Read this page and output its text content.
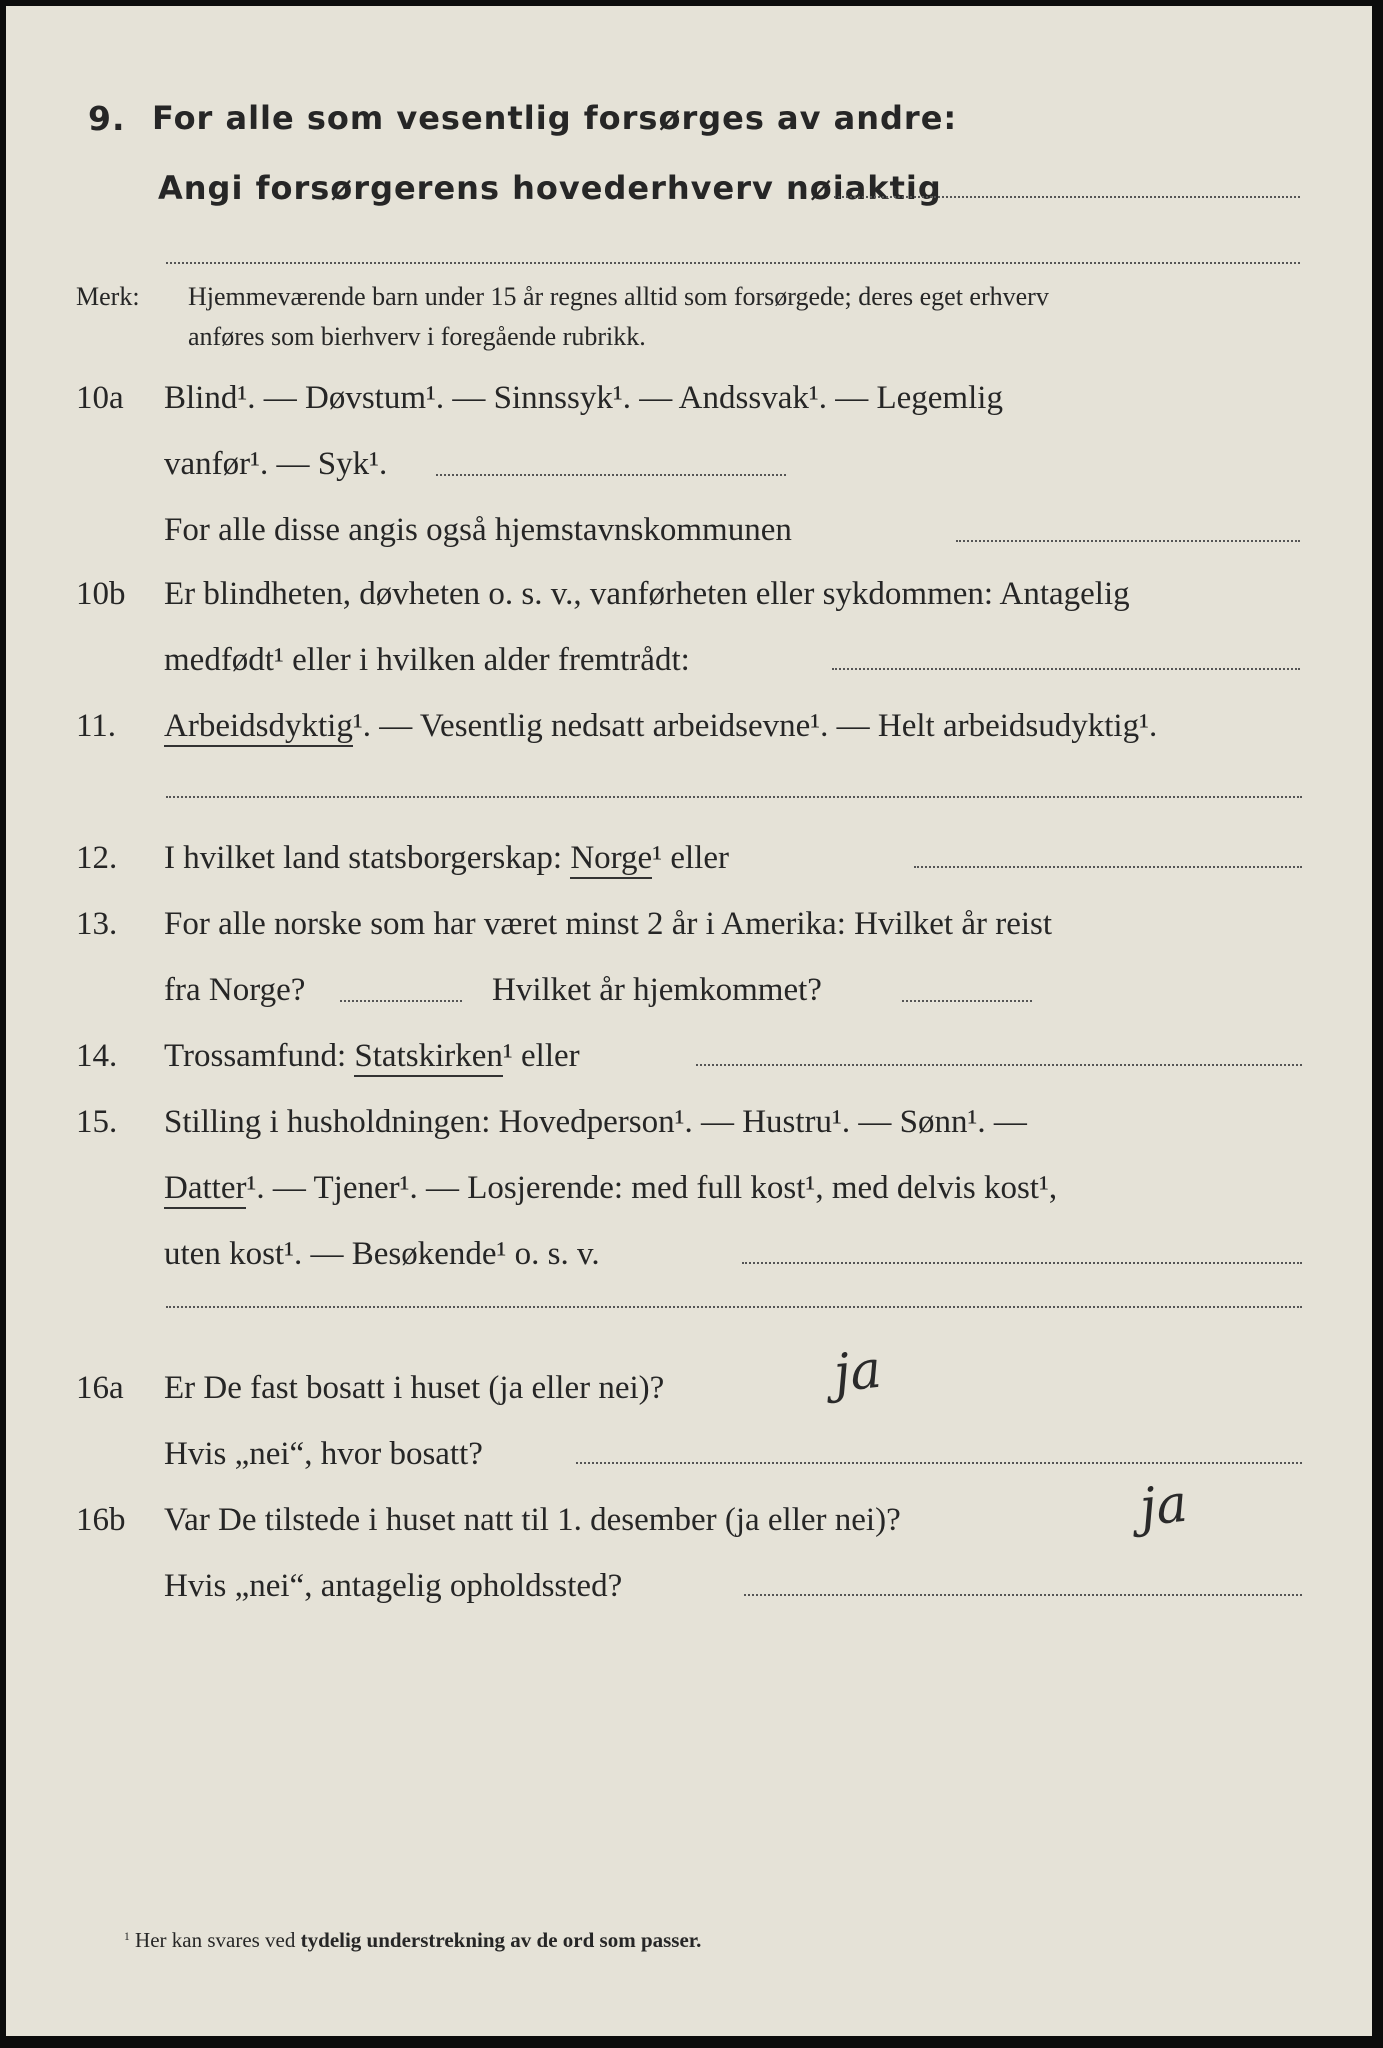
9. For alle som vesentlig forsørges av andre:
Angi forsørgerens hovederhverv nøiaktig
Merk: Hjemmeværende barn under 15 år regnes alltid som forsørgede; deres eget erhverv
anføres som bierhverv i foregående rubrikk.
10a Blind¹. — Døvstum¹. — Sinnssyk¹. — Andssvak¹. — Legemlig
vanfør¹. — Syk¹.
For alle disse angis også hjemstavnskommunen
10b Er blindheten, døvheten o. s. v., vanførheten eller sykdommen: Antagelig
medfødt¹ eller i hvilken alder fremtrådt:
11. Arbeidsdyktig¹. — Vesentlig nedsatt arbeidsevne¹. — Helt arbeidsudyktig¹.
12. I hvilket land statsborgerskap: Norge¹ eller
13. For alle norske som har været minst 2 år i Amerika: Hvilket år reist
fra Norge?	Hvilket år hjemkommet?
14. Trossamfund: Statskirken¹ eller
15. Stilling i husholdningen: Hovedperson¹. — Hustru¹. — Sønn¹. —
Datter¹. — Tjener¹. — Losjerende: med full kost¹, med delvis kost¹,
uten kost¹. — Besøkende¹ o. s. v.
16a Er De fast bosatt i huset (ja eller nei)?	ja
Hvis „nei“, hvor bosatt?
16b Var De tilstede i huset natt til 1. desember (ja eller nei)?	ja
Hvis „nei“, antagelig opholdssted?
$^1$ Her kan svares ved tydelig understrekning av de ord som passer.
